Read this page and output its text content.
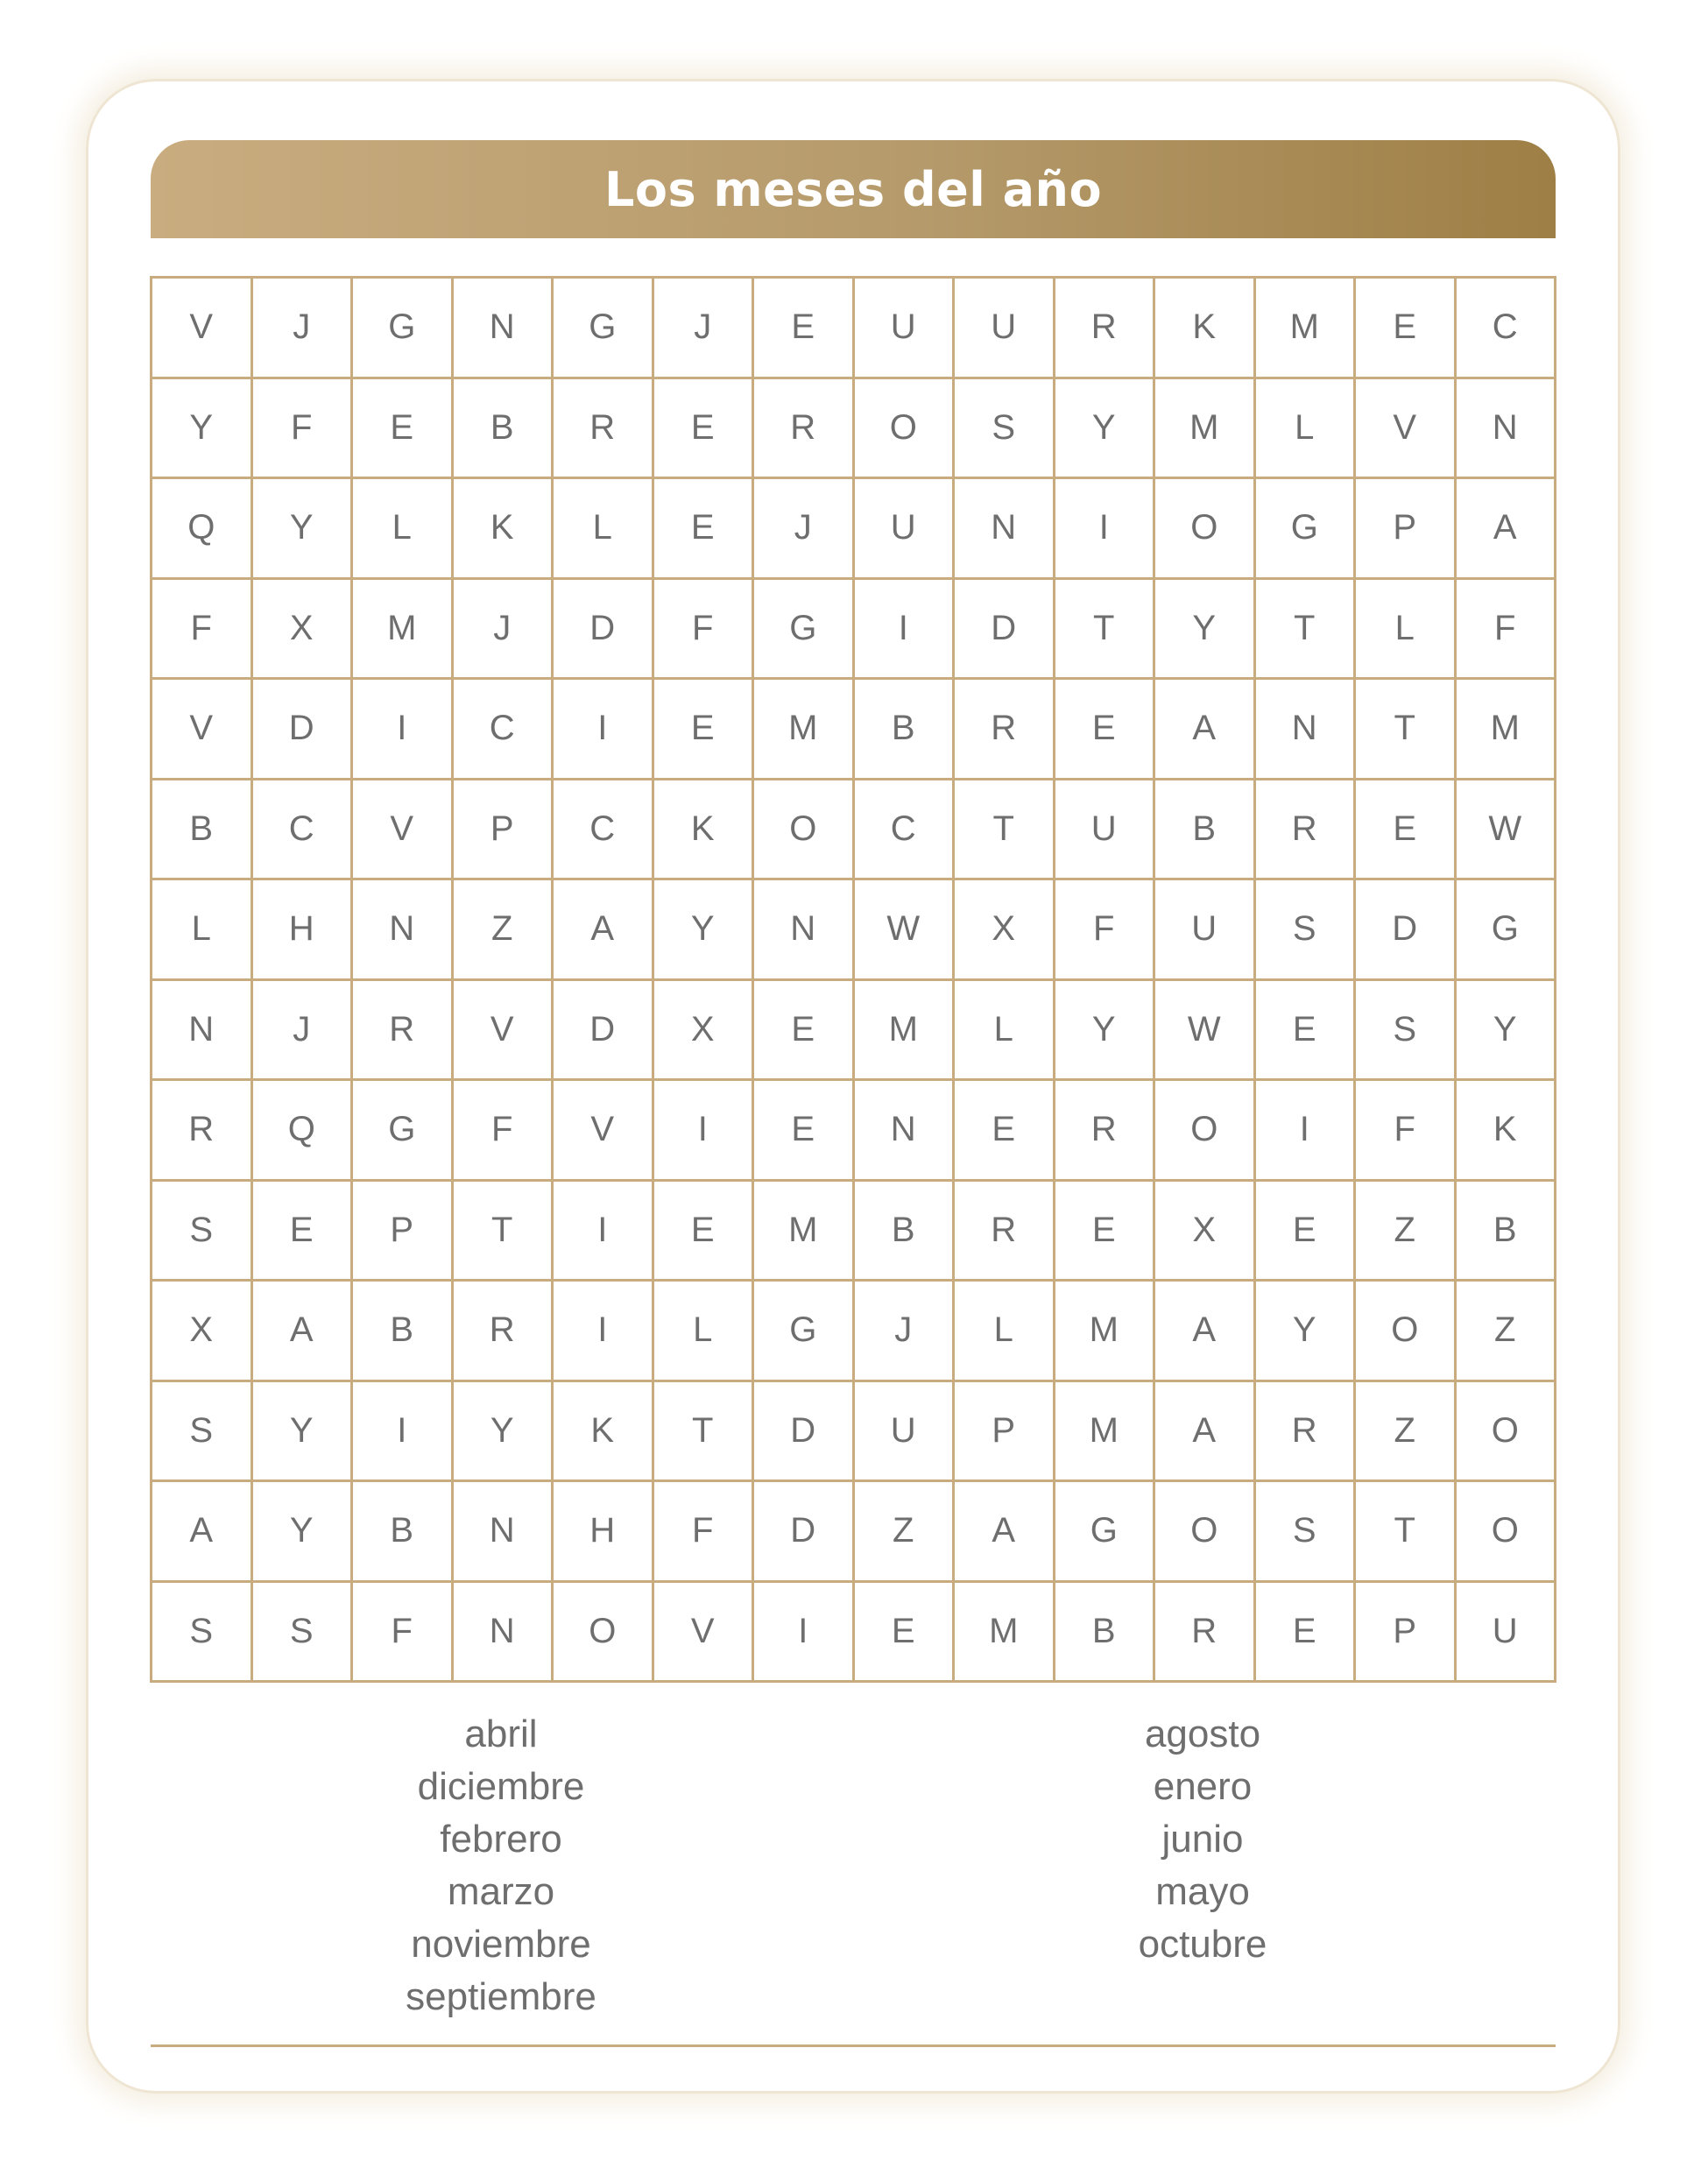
Los meses del año
V	J	G	N	G	J	E	U	U	R	K	M	E	C
Y	F	E	B	R	E	R	O	S	Y	M	L	V	N
Q	Y	L	K	L	E	J	U	N	I	O	G	P	A
F	X	M	J	D	F	G	I	D	T	Y	T	L	F
V	D	I	C	I	E	M	B	R	E	A	N	T	M
B	C	V	P	C	K	O	C	T	U	B	R	E	W
L	H	N	Z	A	Y	N	W	X	F	U	S	D	G
N	J	R	V	D	X	E	M	L	Y	W	E	S	Y
R	Q	G	F	V	I	E	N	E	R	O	I	F	K
S	E	P	T	I	E	M	B	R	E	X	E	Z	B
X	A	B	R	I	L	G	J	L	M	A	Y	O	Z
S	Y	I	Y	K	T	D	U	P	M	A	R	Z	O
A	Y	B	N	H	F	D	Z	A	G	O	S	T	O
S	S	F	N	O	V	I	E	M	B	R	E	P	U
abril
diciembre
febrero
marzo
noviembre
septiembre
agosto
enero
junio
mayo
octubre
